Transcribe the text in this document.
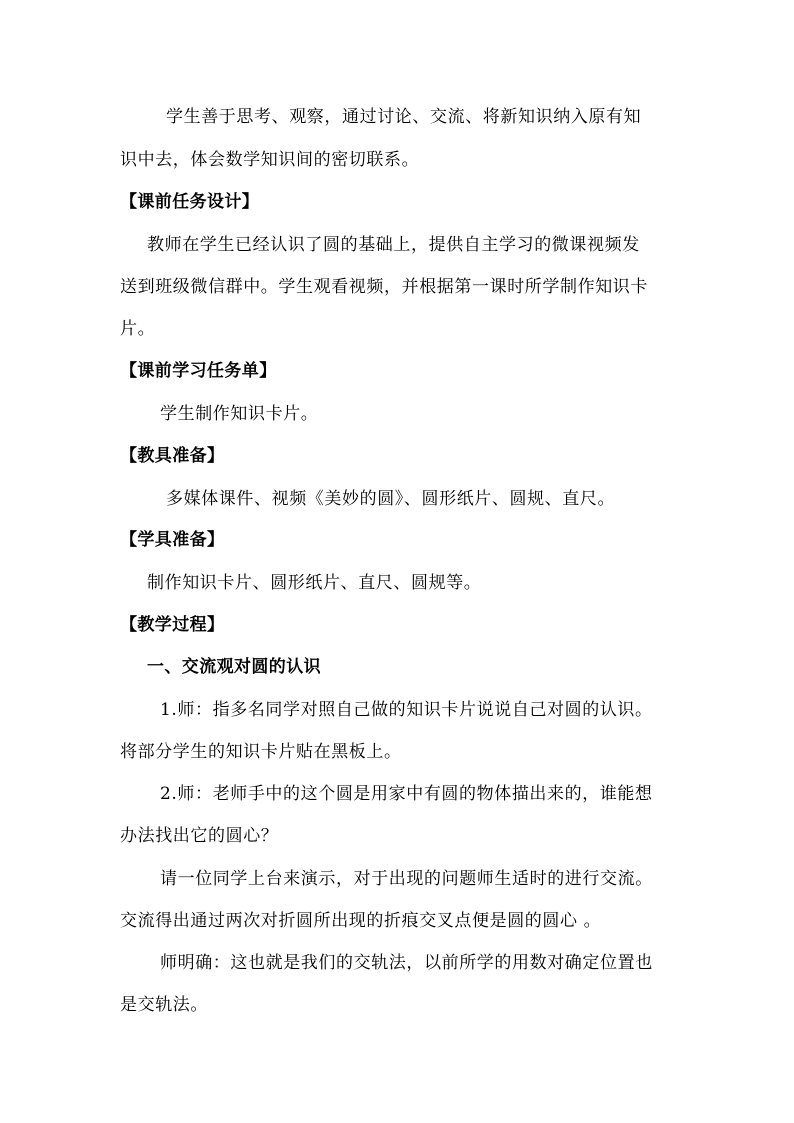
学生善于思考、观察，通过讨论、交流、将新知识纳入原有知
识中去，体会数学知识间的密切联系。
【课前任务设计】
教师在学生已经认识了圆的基础上，提供自主学习的微课视频发
送到班级微信群中。学生观看视频，并根据第一课时所学制作知识卡
片。
【课前学习任务单】
学生制作知识卡片。
【教具准备】
多媒体课件、视频《美妙的圆》、圆形纸片、圆规、直尺。
【学具准备】
制作知识卡片、圆形纸片、直尺、圆规等。
【教学过程】
一、交流观对圆的认识
1.师：指多名同学对照自己做的知识卡片说说自己对圆的认识。
将部分学生的知识卡片贴在黑板上。
2.师：老师手中的这个圆是用家中有圆的物体描出来的，谁能想
办法找出它的圆心？
请一位同学上台来演示，对于出现的问题师生适时的进行交流。
交流得出通过两次对折圆所出现的折痕交叉点便是圆的圆心 。
师明确：这也就是我们的交轨法，以前所学的用数对确定位置也
是交轨法。
